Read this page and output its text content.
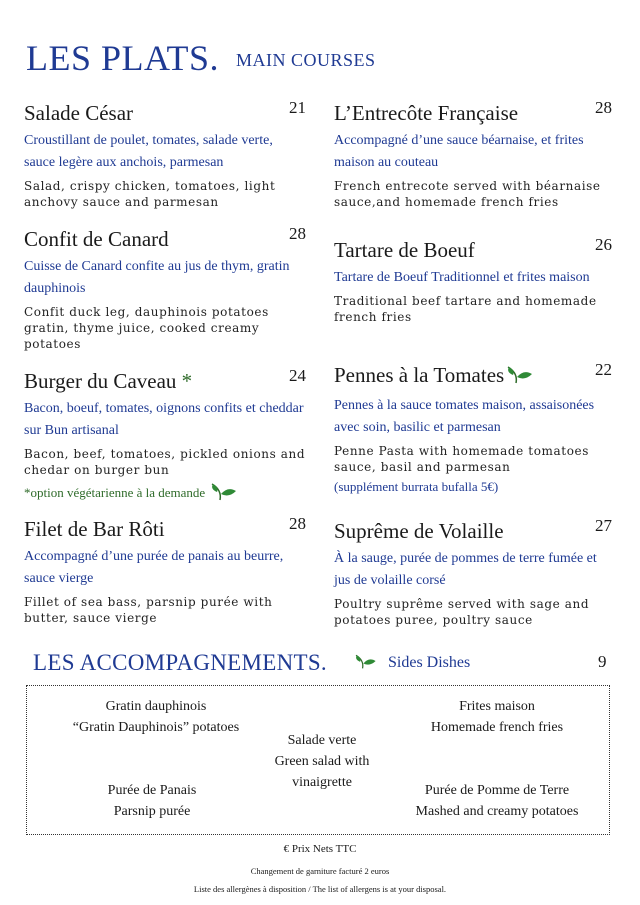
LES PLATS. MAIN COURSES
Salade César	21
Croustillant de poulet, tomates, salade verte, sauce legère aux anchois, parmesan
Salad, crispy chicken, tomatoes, light anchovy sauce and parmesan
Confit de Canard	28
Cuisse de Canard confite au jus de thym, gratin dauphinois
Confit duck leg, dauphinois potatoes gratin, thyme juice, cooked creamy potatoes
Burger du Caveau *	24
Bacon, boeuf, tomates, oignons confits et cheddar sur Bun artisanal
Bacon, beef, tomatoes, pickled onions and chedar on burger bun
*option végétarienne à la demande
Filet de Bar Rôti	28
Accompagné d’une purée de panais au beurre, sauce vierge
Fillet of sea bass, parsnip purée with butter, sauce vierge
L’Entrecôte Française	28
Accompagné d’une sauce béarnaise, et frites maison au couteau
French entrecote served with béarnaise sauce,and homemade french fries
Tartare de Boeuf	26
Tartare de Boeuf Traditionnel et frites maison
Traditional beef tartare and homemade french fries
Pennes à la Tomates	22
Pennes à la sauce tomates maison, assaisonées avec soin, basilic et parmesan
Penne Pasta with homemade tomatoes sauce, basil and parmesan
(supplément burrata bufalla 5€)
Suprême de Volaille	27
À la sauge, purée de pommes de terre fumée et jus de volaille corsé
Poultry suprême served with sage and potatoes puree, poultry sauce
LES ACCOMPAGNEMENTS.	Sides Dishes	9
Gratin dauphinois
“Gratin Dauphinois” potatoes
Salade verte
Green salad with vinaigrette
Frites maison
Homemade french fries
Purée de Panais
Parsnip purée
Purée de Pomme de Terre
Mashed and creamy potatoes
€ Prix Nets TTC
Changement de garniture facturé 2 euros
Liste des allergènes à disposition / The list of allergens is at your disposal.
